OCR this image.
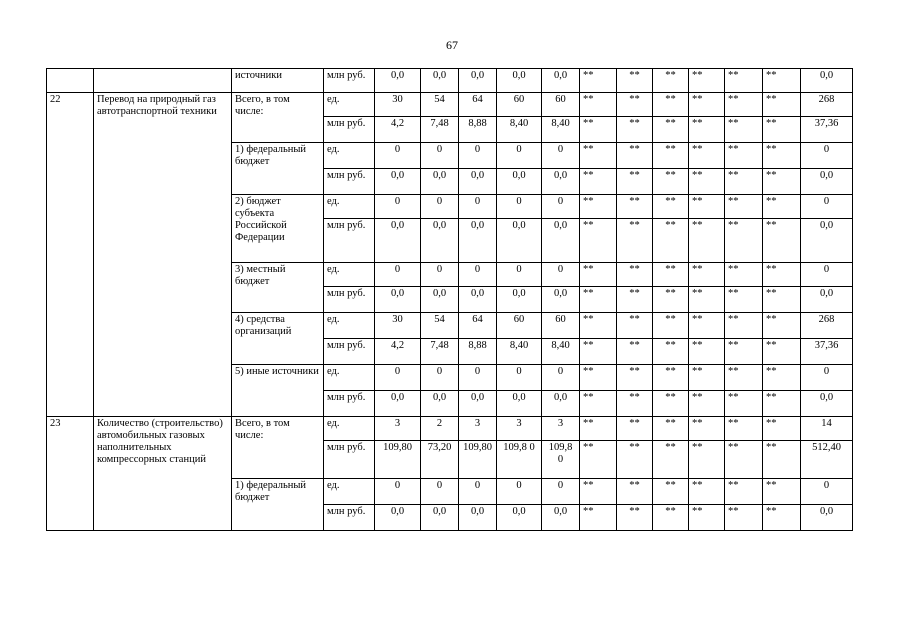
67
		источники	млн руб.	0,0	0,0	0,0	0,0	0,0	**	**	**	**	**	**	0,0
22	Перевод на природный газ автотранспортной техники	Всего, в том числе:	ед.	30	54	64	60	60	**	**	**	**	**	**	268
			млн руб.	4,2	7,48	8,88	8,40	8,40	**	**	**	**	**	**	37,36
		1) федеральный бюджет	ед.	0	0	0	0	0	**	**	**	**	**	**	0
			млн руб.	0,0	0,0	0,0	0,0	0,0	**	**	**	**	**	**	0,0
		2) бюджет субъекта Российской Федерации	ед.	0	0	0	0	0	**	**	**	**	**	**	0
			млн руб.	0,0	0,0	0,0	0,0	0,0	**	**	**	**	**	**	0,0
		3) местный бюджет	ед.	0	0	0	0	0	**	**	**	**	**	**	0
			млн руб.	0,0	0,0	0,0	0,0	0,0	**	**	**	**	**	**	0,0
		4) средства организаций	ед.	30	54	64	60	60	**	**	**	**	**	**	268
			млн руб.	4,2	7,48	8,88	8,40	8,40	**	**	**	**	**	**	37,36
		5) иные источники	ед.	0	0	0	0	0	**	**	**	**	**	**	0
			млн руб.	0,0	0,0	0,0	0,0	0,0	**	**	**	**	**	**	0,0
23	Количество (строительство) автомобильных газовых наполнительных компрессорных станций	Всего, в том числе:	ед.	3	2	3	3	3	**	**	**	**	**	**	14
			млн руб.	109,80	73,20	109,80	109,8 0	109,8 0	**	**	**	**	**	**	512,40
		1) федеральный бюджет	ед.	0	0	0	0	0	**	**	**	**	**	**	0
			млн руб.	0,0	0,0	0,0	0,0	0,0	**	**	**	**	**	**	0,0
